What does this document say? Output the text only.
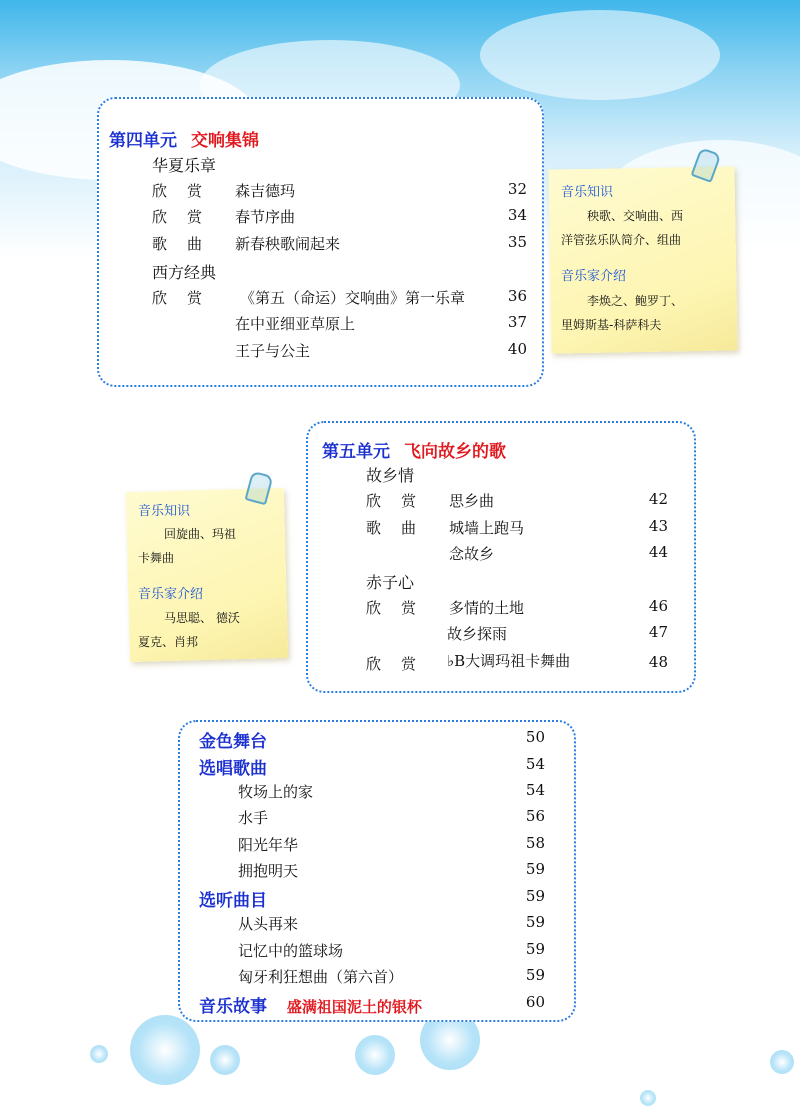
音乐知识
秧歌、交响曲、西
洋管弦乐队简介、组曲
音乐家介绍
李焕之、鲍罗丁、
里姆斯基-科萨科夫
第四单元 交响集锦
华夏乐章
欣赏 森吉德玛	32
欣赏 春节序曲	34
歌曲 新春秧歌闹起来	35
西方经典
欣赏 《第五（命运）交响曲》第一乐章	36
在中亚细亚草原上	37
王子与公主	40
音乐知识
回旋曲、玛祖
卡舞曲
音乐家介绍
马思聪、 德沃
夏克、肖邦
第五单元 飞向故乡的歌
故乡情
欣赏 思乡曲	42
歌曲 城墙上跑马	43
念故乡	44
赤子心
欣赏 多情的土地	46
故乡探雨	47
欣赏 ♭B大调玛祖卡舞曲	48
金色舞台	50
选唱歌曲	54
牧场上的家	54
水手	56
阳光年华	58
拥抱明天	59
选听曲目	59
从头再来	59
记忆中的篮球场	59
匈牙利狂想曲（第六首）	59
音乐故事 盛满祖国泥土的银杯	60
